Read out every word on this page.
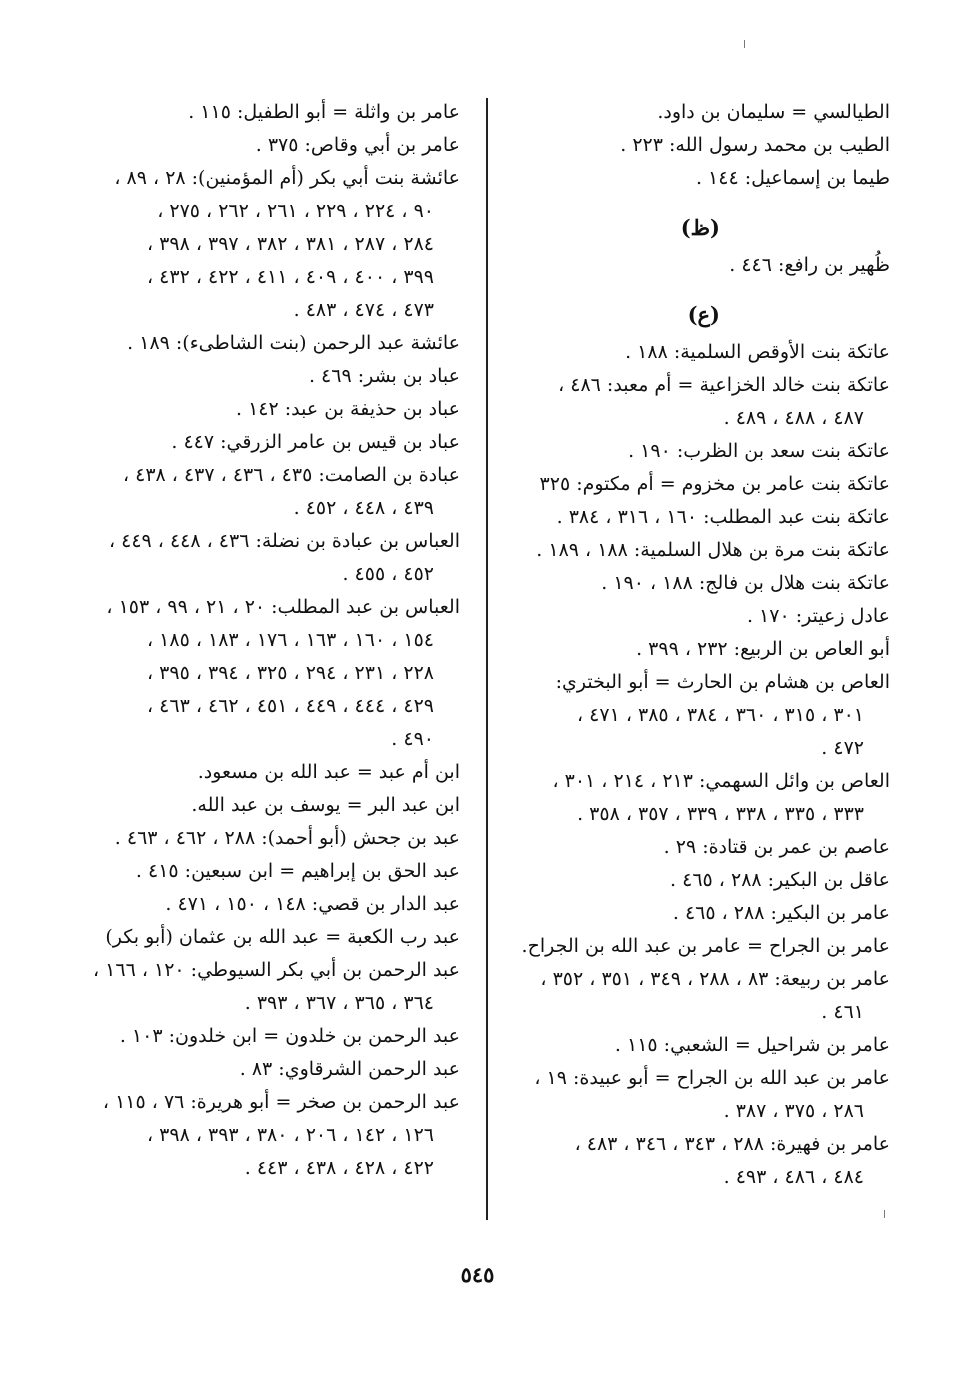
الطيالسي = سليمان بن داود.
الطيب بن محمد رسول الله: ٢٢٣ .
طيما بن إسماعيل: ١٤٤ .
(ظ)
ظُهير بن رافع: ٤٤٦ .
(ع)
عاتكة بنت الأوقص السلمية: ١٨٨ .
عاتكة بنت خالد الخزاعية = أم معبد: ٤٨٦ ،
٤٨٧ ، ٤٨٨ ، ٤٨٩ .
عاتكة بنت سعد بن الظرب: ١٩٠ .
عاتكة بنت عامر بن مخزوم = أم مكتوم: ٣٢٥
عاتكة بنت عبد المطلب: ١٦٠ ، ٣١٦ ، ٣٨٤ .
عاتكة بنت مرة بن هلال السلمية: ١٨٨ ، ١٨٩ .
عاتكة بنت هلال بن فالج: ١٨٨ ، ١٩٠ .
عادل زعيتر: ١٧٠ .
أبو العاص بن الربيع: ٢٣٢ ، ٣٩٩ .
العاص بن هشام بن الحارث = أبو البختري:
٣٠١ ، ٣١٥ ، ٣٦٠ ، ٣٨٤ ، ٣٨٥ ، ٤٧١ ،
٤٧٢ .
العاص بن وائل السهمي: ٢١٣ ، ٢١٤ ، ٣٠١ ،
٣٣٣ ، ٣٣٥ ، ٣٣٨ ، ٣٣٩ ، ٣٥٧ ، ٣٥٨ .
عاصم بن عمر بن قتادة: ٢٩ .
عاقل بن البكير: ٢٨٨ ، ٤٦٥ .
عامر بن البكير: ٢٨٨ ، ٤٦٥ .
عامر بن الجراح = عامر بن عبد الله بن الجراح.
عامر بن ربيعة: ٨٣ ، ٢٨٨ ، ٣٤٩ ، ٣٥١ ، ٣٥٢ ،
٤٦١ .
عامر بن شراحيل = الشعبي: ١١٥ .
عامر بن عبد الله بن الجراح = أبو عبيدة: ١٩ ،
٢٨٦ ، ٣٧٥ ، ٣٨٧ .
عامر بن فهيرة: ٢٨٨ ، ٣٤٣ ، ٣٤٦ ، ٤٨٣ ،
٤٨٤ ، ٤٨٦ ، ٤٩٣ .
عامر بن واثلة = أبو الطفيل: ١١٥ .
عامر بن أبي وقاص: ٣٧٥ .
عائشة بنت أبي بكر (أم المؤمنين): ٢٨ ، ٨٩ ،
٩٠ ، ٢٢٤ ، ٢٢٩ ، ٢٦١ ، ٢٦٢ ، ٢٧٥ ،
٢٨٤ ، ٢٨٧ ، ٣٨١ ، ٣٨٢ ، ٣٩٧ ، ٣٩٨ ،
٣٩٩ ، ٤٠٠ ، ٤٠٩ ، ٤١١ ، ٤٢٢ ، ٤٣٢ ،
٤٧٣ ، ٤٧٤ ، ٤٨٣ .
عائشة عبد الرحمن (بنت الشاطىء): ١٨٩ .
عباد بن بشر: ٤٦٩ .
عباد بن حذيفة بن عبد: ١٤٢ .
عباد بن قيس بن عامر الزرقي: ٤٤٧ .
عبادة بن الصامت: ٤٣٥ ، ٤٣٦ ، ٤٣٧ ، ٤٣٨ ،
٤٣٩ ، ٤٤٨ ، ٤٥٢ .
العباس بن عبادة بن نضلة: ٤٣٦ ، ٤٤٨ ، ٤٤٩ ،
٤٥٢ ، ٤٥٥ .
العباس بن عبد المطلب: ٢٠ ، ٢١ ، ٩٩ ، ١٥٣ ،
١٥٤ ، ١٦٠ ، ١٦٣ ، ١٧٦ ، ١٨٣ ، ١٨٥ ،
٢٢٨ ، ٢٣١ ، ٢٩٤ ، ٣٢٥ ، ٣٩٤ ، ٣٩٥ ،
٤٢٩ ، ٤٤٤ ، ٤٤٩ ، ٤٥١ ، ٤٦٢ ، ٤٦٣ ،
٤٩٠ .
ابن أم عبد = عبد الله بن مسعود.
ابن عبد البر = يوسف بن عبد الله.
عبد بن جحش (أبو أحمد): ٢٨٨ ، ٤٦٢ ، ٤٦٣ .
عبد الحق بن إبراهيم = ابن سبعين: ٤١٥ .
عبد الدار بن قصي: ١٤٨ ، ١٥٠ ، ٤٧١ .
عبد رب الكعبة = عبد الله بن عثمان (أبو بكر)
عبد الرحمن بن أبي بكر السيوطي: ١٢٠ ، ١٦٦ ،
٣٦٤ ، ٣٦٥ ، ٣٦٧ ، ٣٩٣ .
عبد الرحمن بن خلدون = ابن خلدون: ١٠٣ .
عبد الرحمن الشرقاوي: ٨٣ .
عبد الرحمن بن صخر = أبو هريرة: ٧٦ ، ١١٥ ،
١٢٦ ، ١٤٢ ، ٢٠٦ ، ٣٨٠ ، ٣٩٣ ، ٣٩٨ ،
٤٢٢ ، ٤٢٨ ، ٤٣٨ ، ٤٤٣ .
٥٤٥
